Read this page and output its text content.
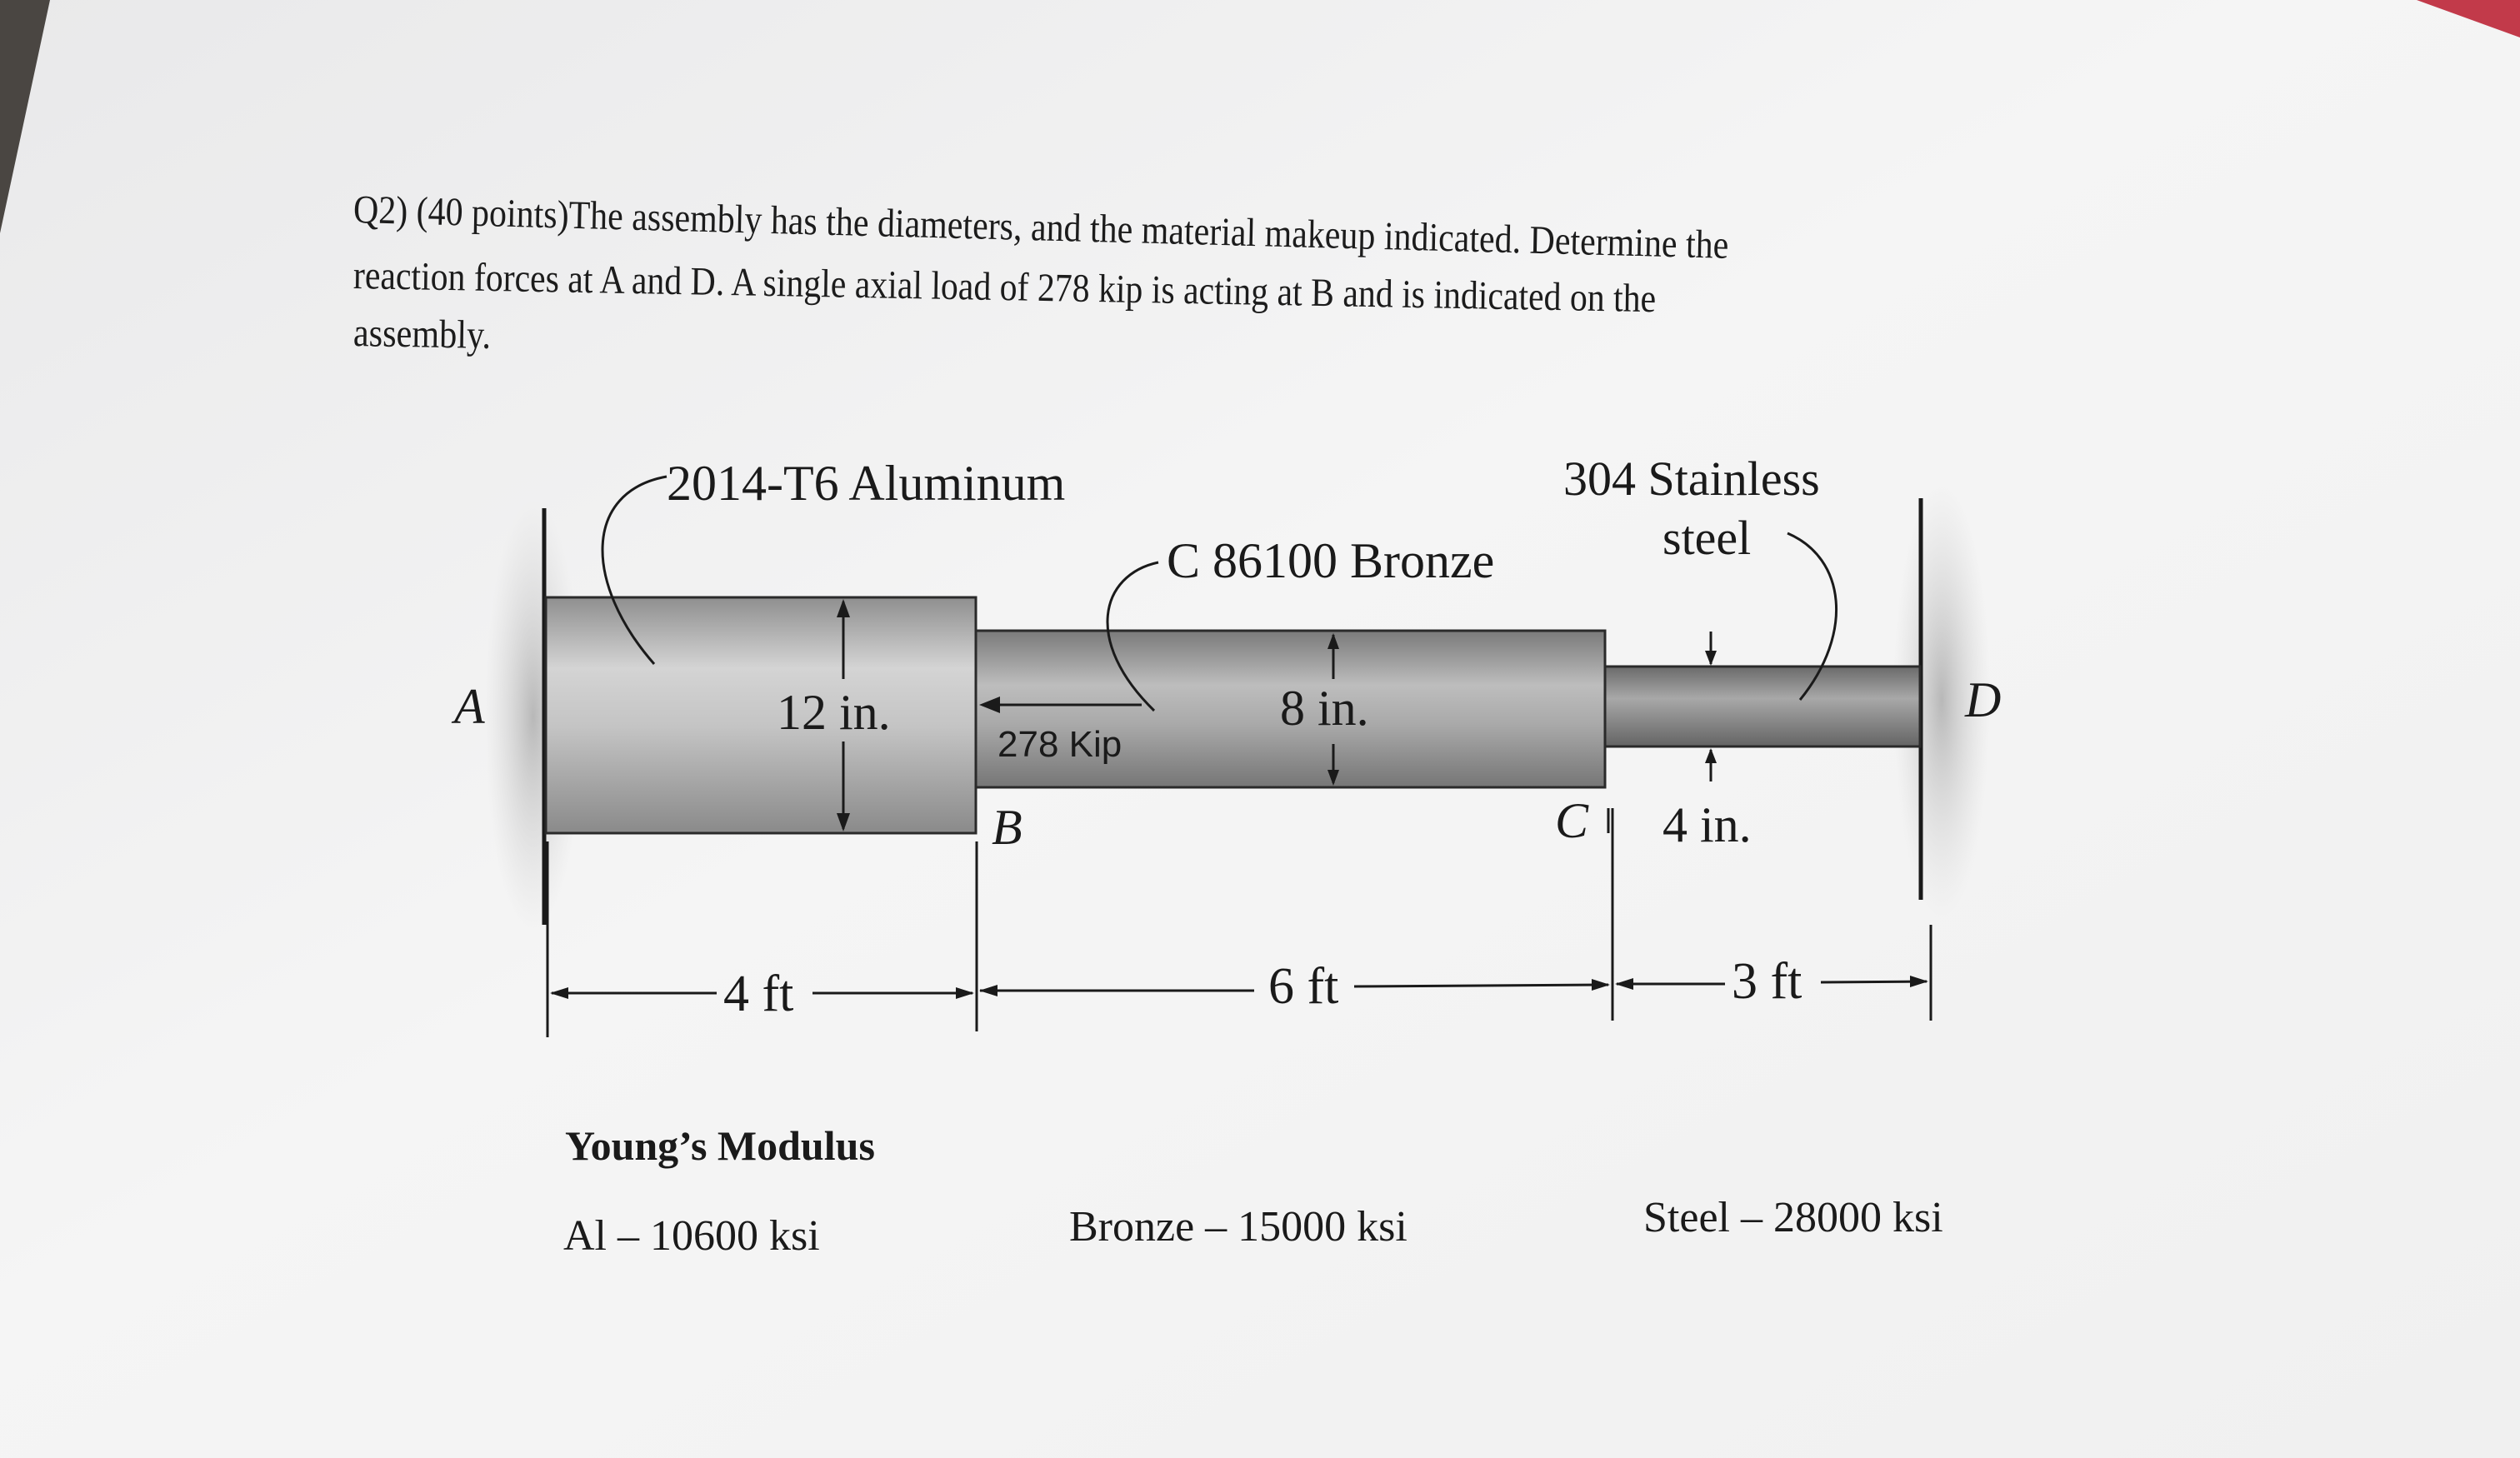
Q2) (40 points)The assembly has the diameters, and the material makeup indicated. Determine the

reaction forces at A and D. A single axial load of 278 kip is acting at B and is indicated on the

assembly.

2014-T6 Aluminum
C 86100 Bronze
304 Stainless
steel
A
B	C
D
12 in.	8 in.
4 in.
278 Kip
4 ft	6 ft	3 ft

Young’s Modulus

Al – 10600 ksi	Bronze – 15000 ksi	Steel – 28000 ksi
